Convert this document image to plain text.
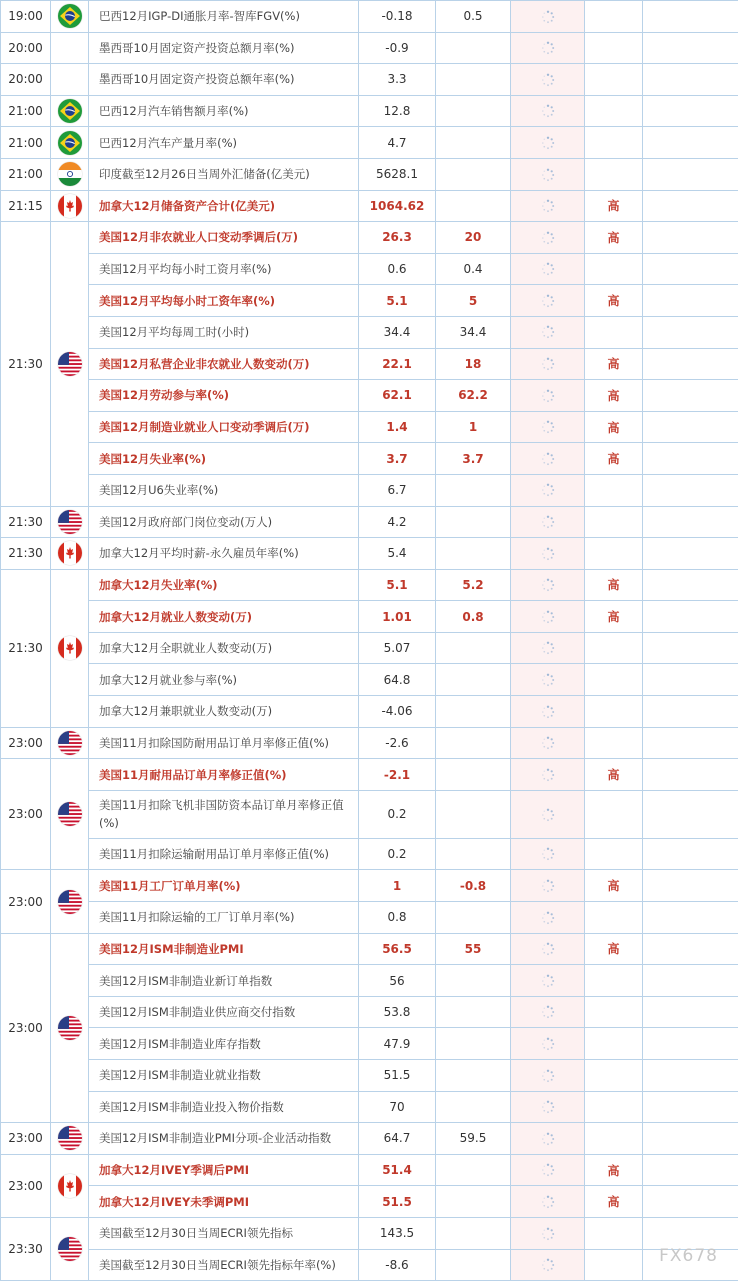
19:00		巴西12月IGP-DI通胀月率-智库FGV(%)	-0.18	0.5			
20:00		墨西哥10月固定资产投资总额月率(%)	-0.9				
20:00		墨西哥10月固定资产投资总额年率(%)	3.3				
21:00		巴西12月汽车销售额月率(%)	12.8				
21:00		巴西12月汽车产量月率(%)	4.7				
21:00		印度截至12月26日当周外汇储备(亿美元)	5628.1				
21:15		加拿大12月储备资产合计(亿美元)	1064.62			高	
21:30		美国12月非农就业人口变动季调后(万)	26.3	20		高	
		美国12月平均每小时工资月率(%)	0.6	0.4			
		美国12月平均每小时工资年率(%)	5.1	5		高	
		美国12月平均每周工时(小时)	34.4	34.4			
		美国12月私营企业非农就业人数变动(万)	22.1	18		高	
		美国12月劳动参与率(%)	62.1	62.2		高	
		美国12月制造业就业人口变动季调后(万)	1.4	1		高	
		美国12月失业率(%)	3.7	3.7		高	
		美国12月U6失业率(%)	6.7				
21:30		美国12月政府部门岗位变动(万人)	4.2				
21:30		加拿大12月平均时薪-永久雇员年率(%)	5.4				
21:30		加拿大12月失业率(%)	5.1	5.2		高	
		加拿大12月就业人数变动(万)	1.01	0.8		高	
		加拿大12月全职就业人数变动(万)	5.07				
		加拿大12月就业参与率(%)	64.8				
		加拿大12月兼职就业人数变动(万)	-4.06				
23:00		美国11月扣除国防耐用品订单月率修正值(%)	-2.6				
23:00		美国11月耐用品订单月率修正值(%)	-2.1			高	
		美国11月扣除飞机非国防资本品订单月率修正值(%)	0.2				
		美国11月扣除运输耐用品订单月率修正值(%)	0.2				
23:00		美国11月工厂订单月率(%)	1	-0.8		高	
		美国11月扣除运输的工厂订单月率(%)	0.8				
23:00		美国12月ISM非制造业PMI	56.5	55		高	
		美国12月ISM非制造业新订单指数	56				
		美国12月ISM非制造业供应商交付指数	53.8				
		美国12月ISM非制造业库存指数	47.9				
		美国12月ISM非制造业就业指数	51.5				
		美国12月ISM非制造业投入物价指数	70				
23:00		美国12月ISM非制造业PMI分项-企业活动指数	64.7	59.5			
23:00		加拿大12月IVEY季调后PMI	51.4			高	
		加拿大12月IVEY未季调PMI	51.5			高	
23:30		美国截至12月30日当周ECRI领先指标	143.5				
		美国截至12月30日当周ECRI领先指标年率(%)	-8.6					FX678
